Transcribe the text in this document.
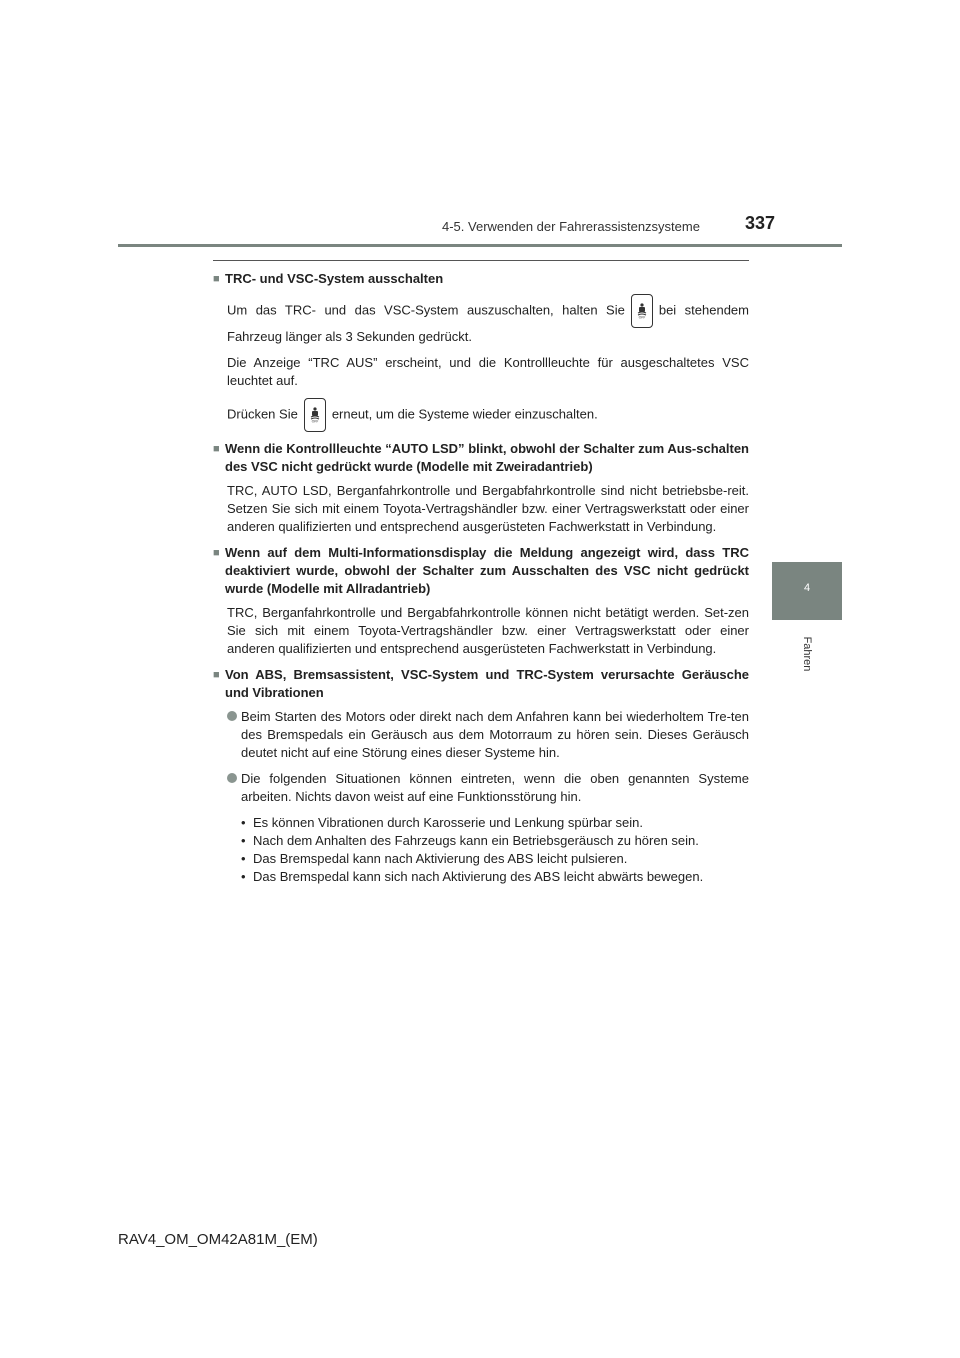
4-5. Verwenden der Fahrerassistenzsysteme	337
4
Fahren
■ TRC- und VSC-System ausschalten
Um das TRC- und das VSC-System auszuschalten, halten Sie
OFF
bei stehendem Fahrzeug länger als 3 Sekunden gedrückt.
Die Anzeige “TRC AUS” erscheint, und die Kontrollleuchte für ausgeschaltetes VSC leuchtet auf.
Drücken Sie
OFF
erneut, um die Systeme wieder einzuschalten.
■ Wenn die Kontrollleuchte “AUTO LSD” blinkt, obwohl der Schalter zum Aus-schalten des VSC nicht gedrückt wurde (Modelle mit Zweiradantrieb)
TRC, AUTO LSD, Berganfahrkontrolle und Bergabfahrkontrolle sind nicht betriebsbe-reit. Setzen Sie sich mit einem Toyota-Vertragshändler bzw. einer Vertragswerkstatt oder einer anderen qualifizierten und entsprechend ausgerüsteten Fachwerkstatt in Verbindung.
■ Wenn auf dem Multi-Informationsdisplay die Meldung angezeigt wird, dass TRC deaktiviert wurde, obwohl der Schalter zum Ausschalten des VSC nicht gedrückt wurde (Modelle mit Allradantrieb)
TRC, Berganfahrkontrolle und Bergabfahrkontrolle können nicht betätigt werden. Set-zen Sie sich mit einem Toyota-Vertragshändler bzw. einer Vertragswerkstatt oder einer anderen qualifizierten und entsprechend ausgerüsteten Fachwerkstatt in Verbindung.
■ Von ABS, Bremsassistent, VSC-System und TRC-System verursachte Geräusche und Vibrationen
Beim Starten des Motors oder direkt nach dem Anfahren kann bei wiederholtem Tre-ten des Bremspedals ein Geräusch aus dem Motorraum zu hören sein. Dieses Geräusch deutet nicht auf eine Störung eines dieser Systeme hin.
Die folgenden Situationen können eintreten, wenn die oben genannten Systeme arbeiten. Nichts davon weist auf eine Funktionsstörung hin.
• Es können Vibrationen durch Karosserie und Lenkung spürbar sein.
• Nach dem Anhalten des Fahrzeugs kann ein Betriebsgeräusch zu hören sein.
• Das Bremspedal kann nach Aktivierung des ABS leicht pulsieren.
• Das Bremspedal kann sich nach Aktivierung des ABS leicht abwärts bewegen.
RAV4_OM_OM42A81M_(EM)
